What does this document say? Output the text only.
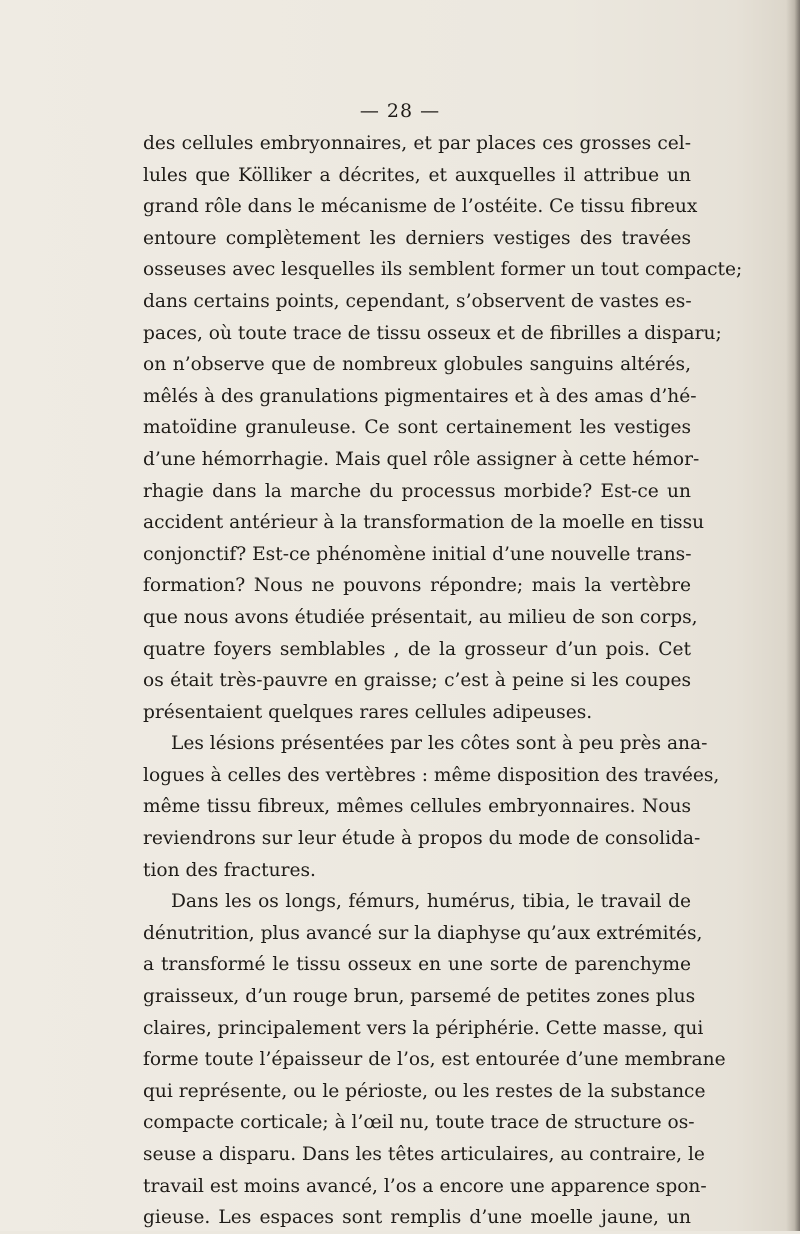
— 28 —

des cellules embryonnaires, et par places ces grosses cel-
lules que Kölliker a décrites, et auxquelles il attribue un
grand rôle dans le mécanisme de l’ostéite. Ce tissu fibreux
entoure complètement les derniers vestiges des travées
osseuses avec lesquelles ils semblent former un tout compacte;
dans certains points, cependant, s’observent de vastes es-
paces, où toute trace de tissu osseux et de fibrilles a disparu;
on n’observe que de nombreux globules sanguins altérés,
mêlés à des granulations pigmentaires et à des amas d’hé-
matoïdine granuleuse. Ce sont certainement les vestiges
d’une hémorrhagie. Mais quel rôle assigner à cette hémor-
rhagie dans la marche du processus morbide? Est-ce un
accident antérieur à la transformation de la moelle en tissu
conjonctif? Est-ce phénomène initial d’une nouvelle trans-
formation? Nous ne pouvons répondre; mais la vertèbre
que nous avons étudiée présentait, au milieu de son corps,
quatre foyers semblables , de la grosseur d’un pois. Cet
os était très-pauvre en graisse; c’est à peine si les coupes
présentaient quelques rares cellules adipeuses.
Les lésions présentées par les côtes sont à peu près ana-
logues à celles des vertèbres : même disposition des travées,
même tissu fibreux, mêmes cellules embryonnaires. Nous
reviendrons sur leur étude à propos du mode de consolida-
tion des fractures.
Dans les os longs, fémurs, humérus, tibia, le travail de
dénutrition, plus avancé sur la diaphyse qu’aux extrémités,
a transformé le tissu osseux en une sorte de parenchyme
graisseux, d’un rouge brun, parsemé de petites zones plus
claires, principalement vers la périphérie. Cette masse, qui
forme toute l’épaisseur de l’os, est entourée d’une membrane
qui représente, ou le périoste, ou les restes de la substance
compacte corticale; à l’œil nu, toute trace de structure os-
seuse a disparu. Dans les têtes articulaires, au contraire, le
travail est moins avancé, l’os a encore une apparence spon-
gieuse. Les espaces sont remplis d’une moelle jaune, un
